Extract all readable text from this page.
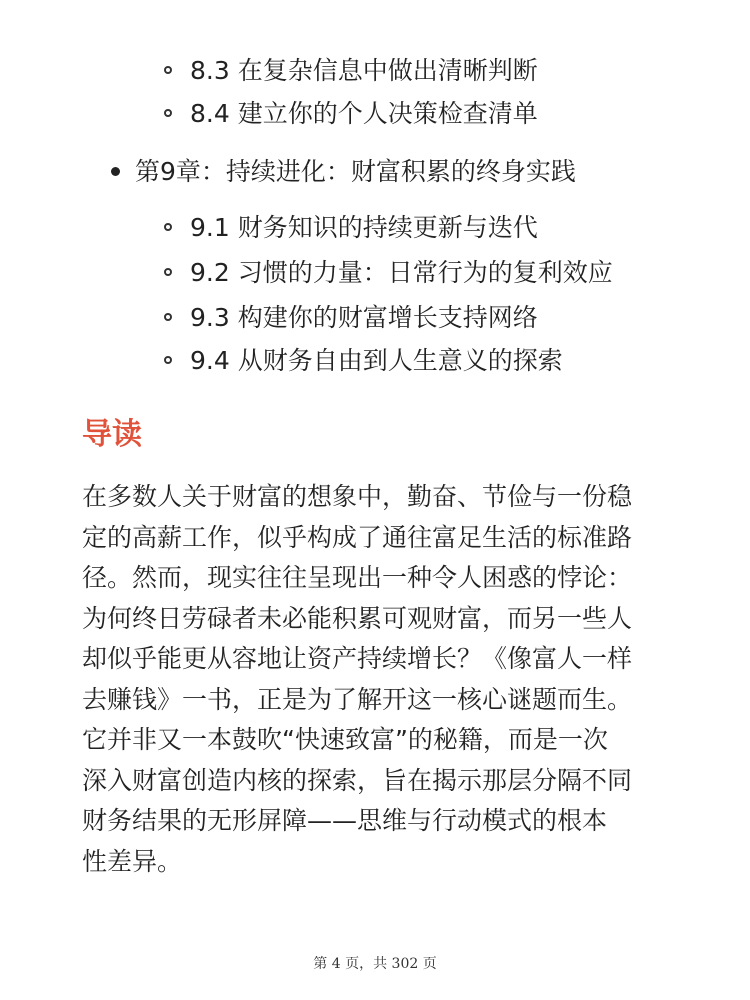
8.3 在复杂信息中做出清晰判断
8.4 建立你的个人决策检查清单
第9章：持续进化：财富积累的终身实践
9.1 财务知识的持续更新与迭代
9.2 习惯的力量：日常行为的复利效应
9.3 构建你的财富增长支持网络
9.4 从财务自由到人生意义的探索
导读
在多数人关于财富的想象中，勤奋、节俭与一份稳
定的高薪工作，似乎构成了通往富足生活的标准路
径。然而，现实往往呈现出一种令人困惑的悖论：
为何终日劳碌者未必能积累可观财富，而另一些人
却似乎能更从容地让资产持续增长？《像富人一样
去赚钱》一书，正是为了解开这一核心谜题而生。
它并非又一本鼓吹“快速致富”的秘籍，而是一次
深入财富创造内核的探索，旨在揭示那层分隔不同
财务结果的无形屏障——思维与行动模式的根本
性差异。
第 4 页，共 302 页
